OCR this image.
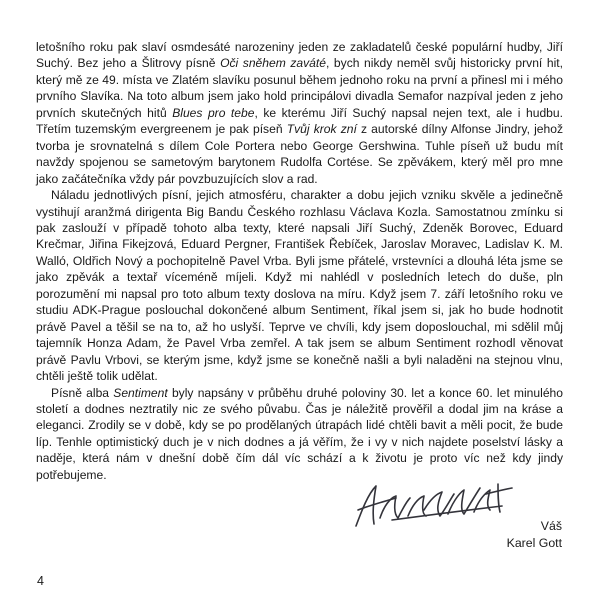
letošního roku pak slaví osmdesáté narozeniny jeden ze zakladatelů české populární hudby, Jiří Suchý. Bez jeho a Šlitrovy písně Oči sněhem zaváté, bych nikdy neměl svůj historicky první hit, který mě ze 49. místa ve Zlatém slavíku posunul během jednoho roku na první a přinesl mi i mého prvního Slavíka. Na toto album jsem jako hold principálovi divadla Semafor nazpíval jeden z jeho prvních skutečných hitů Blues pro tebe, ke kterému Jiří Suchý napsal nejen text, ale i hudbu. Třetím tuzemským evergreenem je pak píseň Tvůj krok zní z autorské dílny Alfonse Jindry, jehož tvorba je srovnatelná s dílem Cole Portera nebo George Gershwina. Tuhle píseň už budu mít navždy spojenou se sametovým barytonem Rudolfa Cortése. Se zpěvákem, který měl pro mne jako začátečníka vždy pár povzbuzujících slov a rad.

Náladu jednotlivých písní, jejich atmosféru, charakter a dobu jejich vzniku skvěle a jedinečně vystihují aranžmá dirigenta Big Bandu Českého rozhlasu Václava Kozla. Samostatnou zmínku si pak zaslouží v případě tohoto alba texty, které napsali Jiří Suchý, Zdeněk Borovec, Eduard Krečmar, Jiřina Fikejzová, Eduard Pergner, František Řebíček, Jaroslav Moravec, Ladislav K. M. Walló, Oldřich Nový a pochopitelně Pavel Vrba. Byli jsme přátelé, vrstevníci a dlouhá léta jsme se jako zpěvák a textař víceméně míjeli. Když mi nahlédl v posledních letech do duše, pln porozumění mi napsal pro toto album texty doslova na míru. Když jsem 7. září letošního roku ve studiu ADK-Prague poslouchal dokončené album Sentiment, říkal jsem si, jak ho bude hodnotit právě Pavel a těšil se na to, až ho uslyší. Teprve ve chvíli, kdy jsem doposlouchal, mi sdělil můj tajemník Honza Adam, že Pavel Vrba zemřel. A tak jsem se album Sentiment rozhodl věnovat právě Pavlu Vrbovi, se kterým jsme, když jsme se konečně našli a byli naladěni na stejnou vlnu, chtěli ještě tolik udělat.

Písně alba Sentiment byly napsány v průběhu druhé poloviny 30. let a konce 60. let minulého století a dodnes neztratily nic ze svého půvabu. Čas je náležitě prověřil a dodal jim na kráse a eleganci. Zrodily se v době, kdy se po prodělaných útrapách lidé chtěli bavit a měli pocit, že bude líp. Tenhle optimistický duch je v nich dodnes a já věřím, že i vy v nich najdete poselství lásky a naděje, která nám v dnešní době čím dál víc schází a k životu je proto víc než kdy jindy potřebujeme.

Váš
Karel Gott
4
